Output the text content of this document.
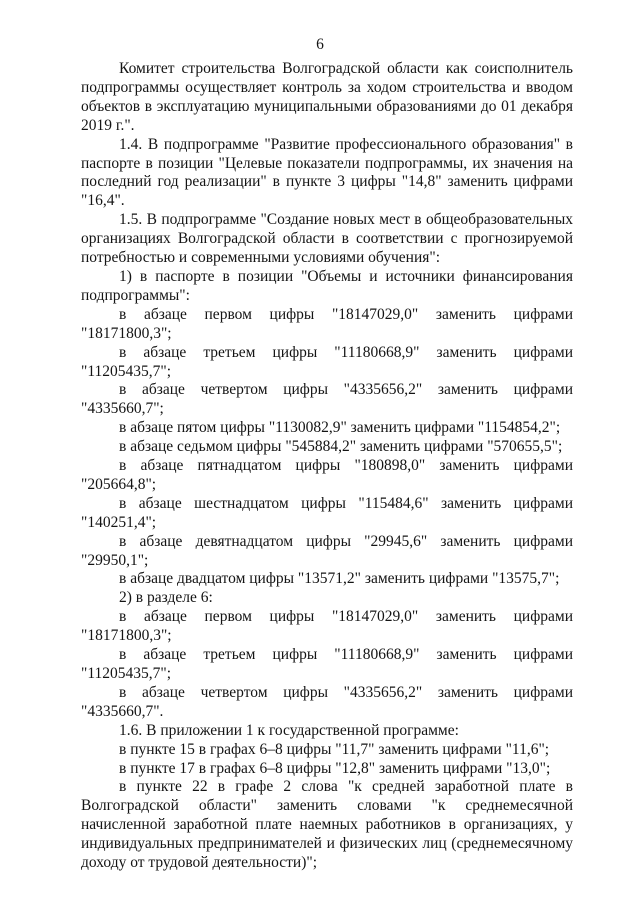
6

Комитет строительства Волгоградской области как соисполнитель подпрограммы осуществляет контроль за ходом строительства и вводом объектов в эксплуатацию муниципальными образованиями до 01 декабря 2019 г.".

1.4. В подпрограмме "Развитие профессионального образования" в паспорте в позиции "Целевые показатели подпрограммы, их значения на последний год реализации" в пункте 3 цифры "14,8" заменить цифрами "16,4".

1.5. В подпрограмме "Создание новых мест в общеобразовательных организациях Волгоградской области в соответствии с прогнозируемой потребностью и современными условиями обучения":

1) в паспорте в позиции "Объемы и источники финансирования подпрограммы":

в абзаце первом цифры "18147029,0" заменить цифрами "18171800,3";

в абзаце третьем цифры "11180668,9" заменить цифрами "11205435,7";

в абзаце четвертом цифры "4335656,2" заменить цифрами "4335660,7";

в абзаце пятом цифры "1130082,9" заменить цифрами "1154854,2";

в абзаце седьмом цифры "545884,2" заменить цифрами "570655,5";

в абзаце пятнадцатом цифры "180898,0" заменить цифрами "205664,8";

в абзаце шестнадцатом цифры "115484,6" заменить цифрами "140251,4";

в абзаце девятнадцатом цифры "29945,6" заменить цифрами "29950,1";

в абзаце двадцатом цифры "13571,2" заменить цифрами "13575,7";

2) в разделе 6:

в абзаце первом цифры "18147029,0" заменить цифрами "18171800,3";

в абзаце третьем цифры "11180668,9" заменить цифрами "11205435,7";

в абзаце четвертом цифры "4335656,2" заменить цифрами "4335660,7".

1.6. В приложении 1 к государственной программе:

в пункте 15 в графах 6–8 цифры "11,7" заменить цифрами "11,6";

в пункте 17 в графах 6–8 цифры "12,8" заменить цифрами "13,0";

в пункте 22 в графе 2 слова "к средней заработной плате в Волгоградской области" заменить словами "к среднемесячной начисленной заработной плате наемных работников в организациях, у индивидуальных предпринимателей и физических лиц (среднемесячному доходу от трудовой деятельности)";
